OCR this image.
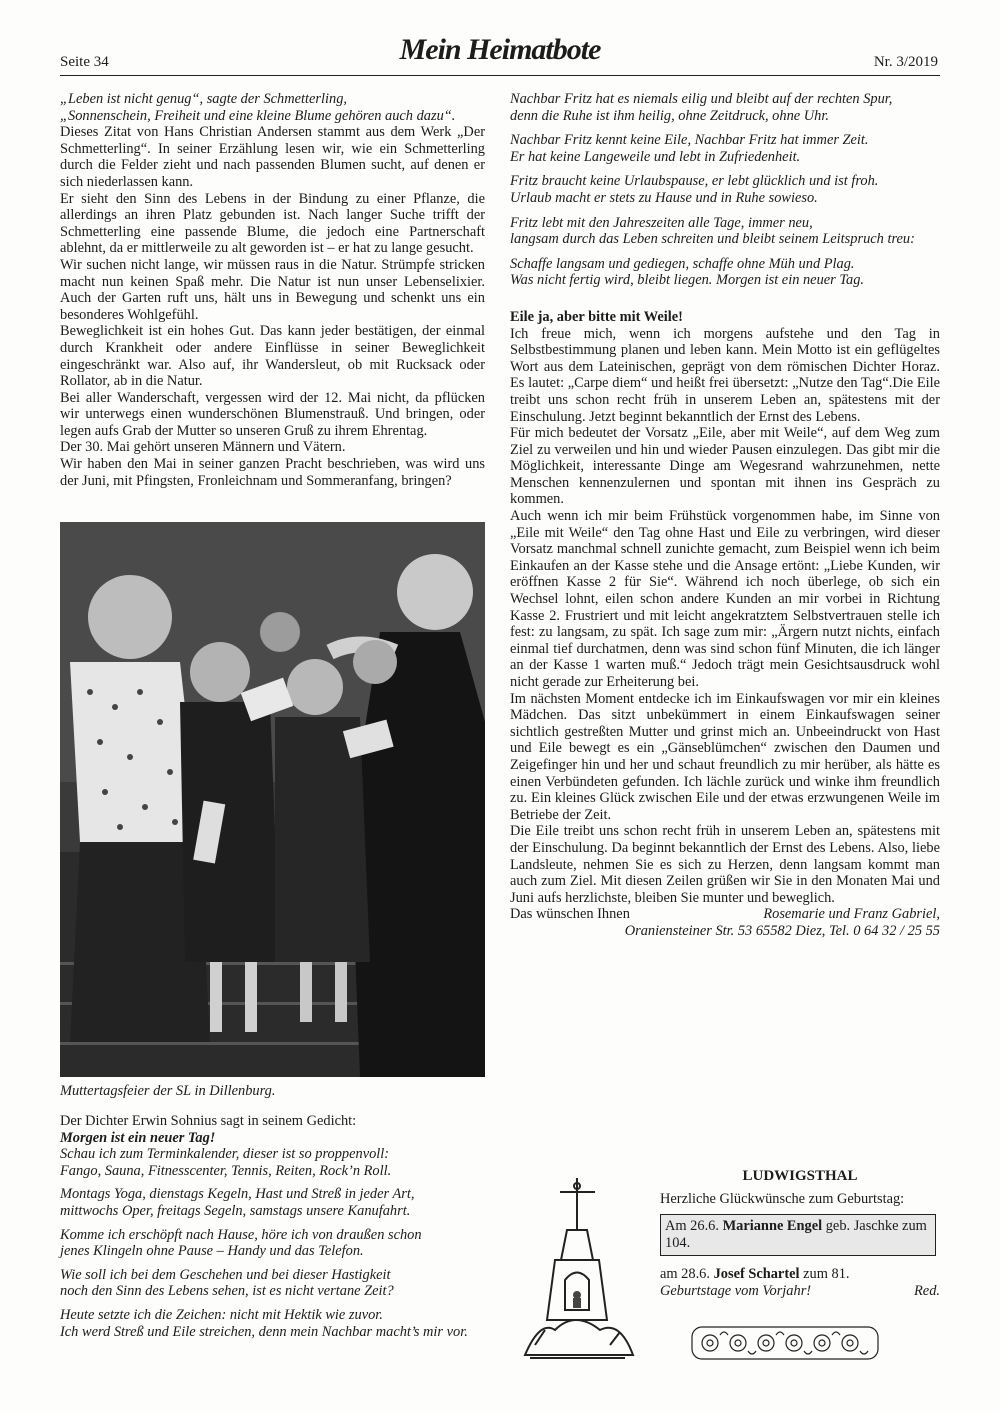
Seite 34	Mein Heimatbote	Nr. 3/2019

„Leben ist nicht genug“, sagte der Schmetterling,

„Sonnenschein, Freiheit und eine kleine Blume gehören auch dazu“.

Dieses Zitat von Hans Christian Andersen stammt aus dem Werk „Der Schmetterling“. In seiner Erzählung lesen wir, wie ein Schmetterling durch die Felder zieht und nach passenden Blumen sucht, auf denen er sich niederlassen kann.

Er sieht den Sinn des Lebens in der Bindung zu einer Pflanze, die allerdings an ihren Platz gebunden ist. Nach langer Suche trifft der Schmetterling eine passende Blume, die jedoch eine Partnerschaft ablehnt, da er mittlerweile zu alt geworden ist – er hat zu lange gesucht.

Wir suchen nicht lange, wir müssen raus in die Natur. Strümpfe stricken macht nun keinen Spaß mehr. Die Natur ist nun unser Lebenselixier. Auch der Garten ruft uns, hält uns in Bewegung und schenkt uns ein besonderes Wohlgefühl.

Beweglichkeit ist ein hohes Gut. Das kann jeder bestätigen, der einmal durch Krankheit oder andere Einflüsse in seiner Beweglichkeit eingeschränkt war. Also auf, ihr Wandersleut, ob mit Rucksack oder Rollator, ab in die Natur.

Bei aller Wanderschaft, vergessen wird der 12. Mai nicht, da pflücken wir unterwegs einen wunderschönen Blumenstrauß. Und bringen, oder legen aufs Grab der Mutter so unseren Gruß zu ihrem Ehrentag.

Der 30. Mai gehört unseren Männern und Vätern.

Wir haben den Mai in seiner ganzen Pracht beschrieben, was wird uns der Juni, mit Pfingsten, Fronleichnam und Sommeranfang, bringen?

Muttertagsfeier der SL in Dillenburg.

Der Dichter Erwin Sohnius sagt in seinem Gedicht:

Morgen ist ein neuer Tag!

Schau ich zum Terminkalender, dieser ist so proppenvoll:
Fango, Sauna, Fitnesscenter, Tennis, Reiten, Rock’n Roll.

Montags Yoga, dienstags Kegeln, Hast und Streß in jeder Art,
mittwochs Oper, freitags Segeln, samstags unsere Kanufahrt.

Komme ich erschöpft nach Hause, höre ich von draußen schon
jenes Klingeln ohne Pause – Handy und das Telefon.

Wie soll ich bei dem Geschehen und bei dieser Hastigkeit
noch den Sinn des Lebens sehen, ist es nicht vertane Zeit?

Heute setzte ich die Zeichen: nicht mit Hektik wie zuvor.
Ich werd Streß und Eile streichen, denn mein Nachbar macht’s mir vor.

Nachbar Fritz hat es niemals eilig und bleibt auf der rechten Spur,
denn die Ruhe ist ihm heilig, ohne Zeitdruck, ohne Uhr.

Nachbar Fritz kennt keine Eile, Nachbar Fritz hat immer Zeit.
Er hat keine Langeweile und lebt in Zufriedenheit.

Fritz braucht keine Urlaubspause, er lebt glücklich und ist froh.
Urlaub macht er stets zu Hause und in Ruhe sowieso.

Fritz lebt mit den Jahreszeiten alle Tage, immer neu,
langsam durch das Leben schreiten und bleibt seinem Leitspruch treu:

Schaffe langsam und gediegen, schaffe ohne Müh und Plag.
Was nicht fertig wird, bleibt liegen. Morgen ist ein neuer Tag.

Eile ja, aber bitte mit Weile!

Ich freue mich, wenn ich morgens aufstehe und den Tag in Selbstbestimmung planen und leben kann. Mein Motto ist ein geflügeltes Wort aus dem Lateinischen, geprägt von dem römischen Dichter Horaz. Es lautet: „Carpe diem“ und heißt frei übersetzt: „Nutze den Tag“.Die Eile treibt uns schon recht früh in unserem Leben an, spätestens mit der Einschulung. Jetzt beginnt bekanntlich der Ernst des Lebens.

Für mich bedeutet der Vorsatz „Eile, aber mit Weile“, auf dem Weg zum Ziel zu verweilen und hin und wieder Pausen einzulegen. Das gibt mir die Möglichkeit, interessante Dinge am Wegesrand wahrzunehmen, nette Menschen kennenzulernen und spontan mit ihnen ins Gespräch zu kommen.

Auch wenn ich mir beim Frühstück vorgenommen habe, im Sinne von „Eile mit Weile“ den Tag ohne Hast und Eile zu verbringen, wird dieser Vorsatz manchmal schnell zunichte gemacht, zum Beispiel wenn ich beim Einkaufen an der Kasse stehe und die Ansage ertönt: „Liebe Kunden, wir eröffnen Kasse 2 für Sie“. Während ich noch überlege, ob sich ein Wechsel lohnt, eilen schon andere Kunden an mir vorbei in Richtung Kasse 2. Frustriert und mit leicht angekratztem Selbstvertrauen stelle ich fest: zu langsam, zu spät. Ich sage zum mir: „Ärgern nutzt nichts, einfach einmal tief durchatmen, denn was sind schon fünf Minuten, die ich länger an der Kasse 1 warten muß.“ Jedoch trägt mein Gesichtsausdruck wohl nicht gerade zur Erheiterung bei.

Im nächsten Moment entdecke ich im Einkaufswagen vor mir ein kleines Mädchen. Das sitzt unbekümmert in einem Einkaufswagen seiner sichtlich gestreßten Mutter und grinst mich an. Unbeeindruckt von Hast und Eile bewegt es ein „Gänseblümchen“ zwischen den Daumen und Zeigefinger hin und her und schaut freundlich zu mir herüber, als hätte es einen Verbündeten gefunden. Ich lächle zurück und winke ihm freundlich zu. Ein kleines Glück zwischen Eile und der etwas erzwungenen Weile im Betriebe der Zeit.

Die Eile treibt uns schon recht früh in unserem Leben an, spätestens mit der Einschulung. Da beginnt bekanntlich der Ernst des Lebens. Also, liebe Landsleute, nehmen Sie es sich zu Herzen, denn langsam kommt man auch zum Ziel. Mit diesen Zeilen grüßen wir Sie in den Monaten Mai und Juni aufs herzlichste, bleiben Sie munter und beweglich.

Das wünschen Ihnen	Rosemarie und Franz Gabriel,

Oraniensteiner Str. 53 65582 Diez, Tel. 0 64 32 / 25 55

LUDWIGSTHAL
Herzliche Glückwünsche zum Geburtstag:
Am 26.6. Marianne Engel geb. Jaschke zum 104.
am 28.6. Josef Schartel zum 81.
Geburtstage vom Vorjahr!	Red.
